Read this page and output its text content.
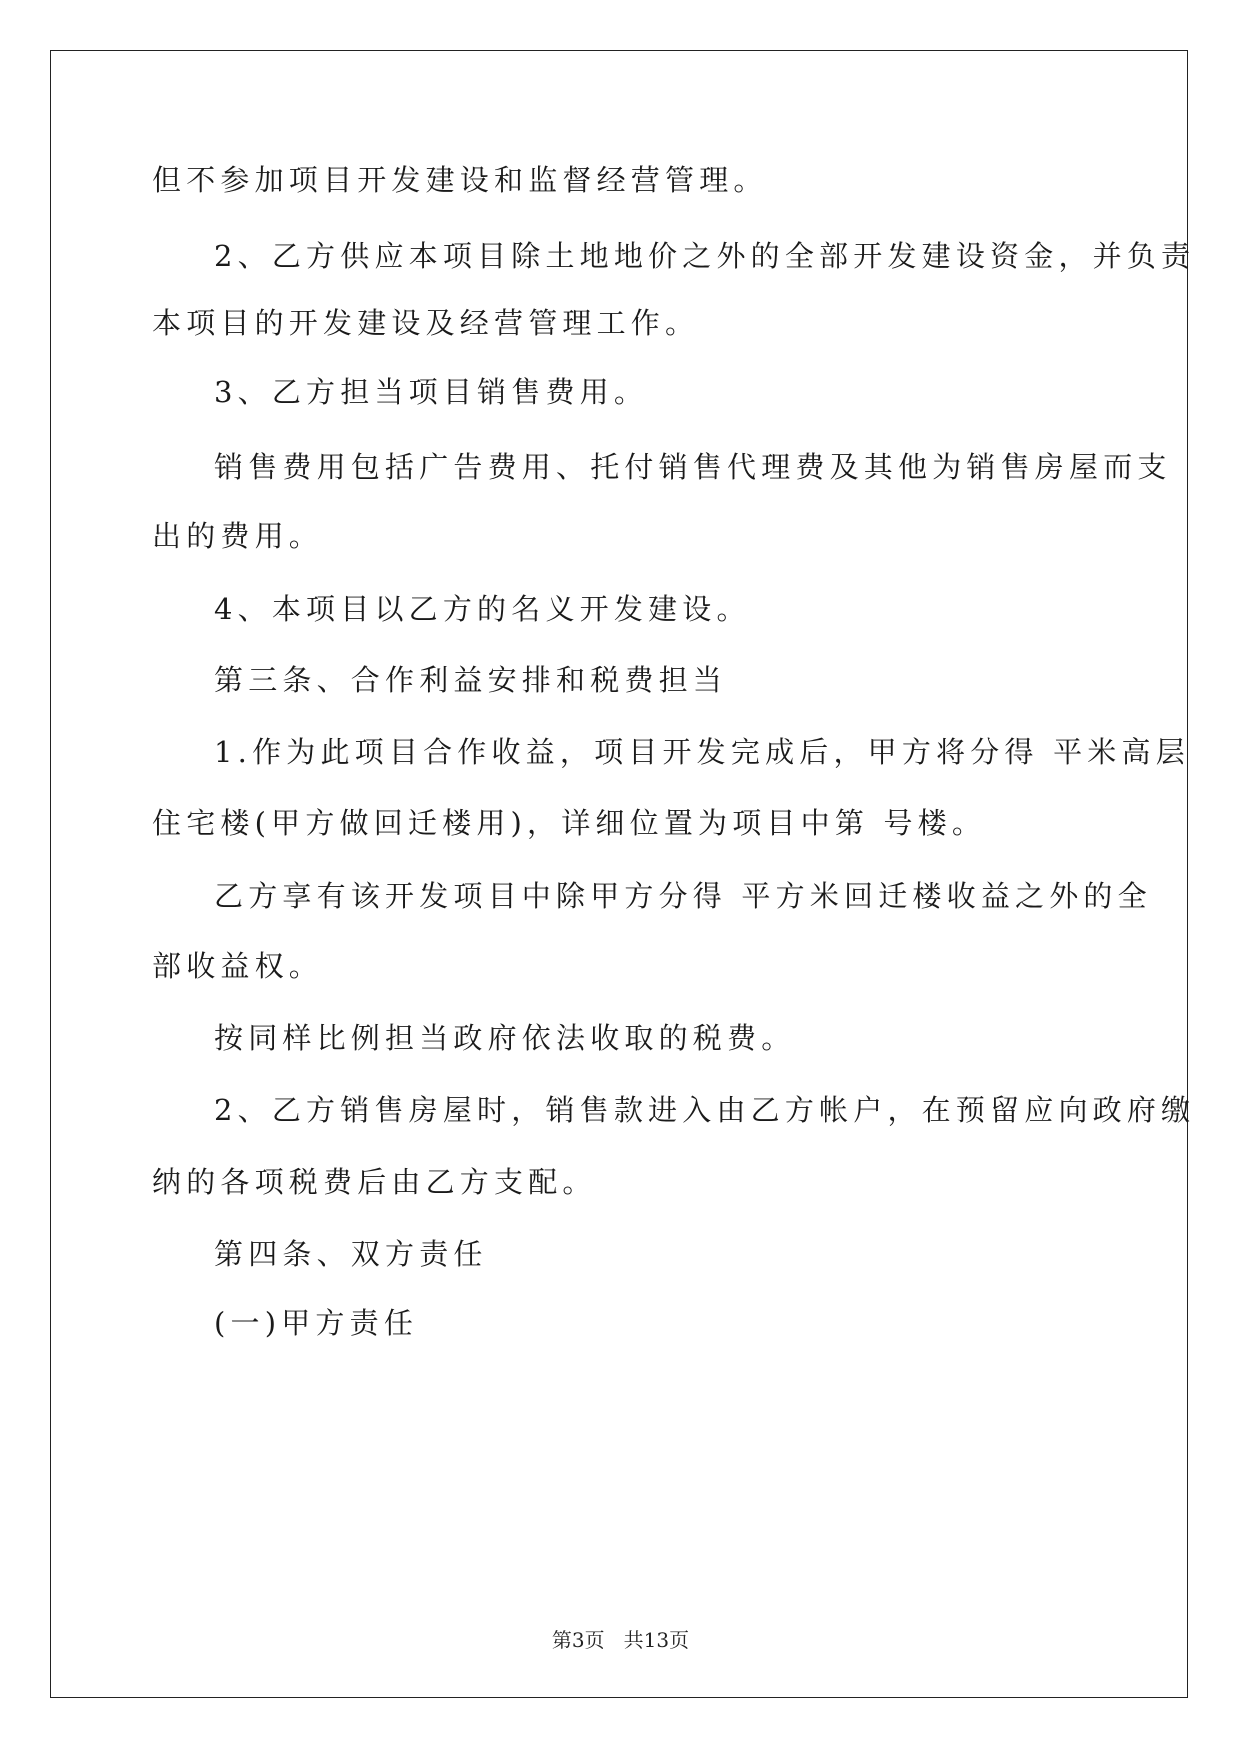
但不参加项目开发建设和监督经营管理。
2、乙方供应本项目除土地地价之外的全部开发建设资金，并负责
本项目的开发建设及经营管理工作。
3、乙方担当项目销售费用。
销售费用包括广告费用、托付销售代理费及其他为销售房屋而支
出的费用。
4、本项目以乙方的名义开发建设。
第三条、合作利益安排和税费担当
1.作为此项目合作收益，项目开发完成后，甲方将分得 平米高层
住宅楼(甲方做回迁楼用)，详细位置为项目中第 号楼。
乙方享有该开发项目中除甲方分得 平方米回迁楼收益之外的全
部收益权。
按同样比例担当政府依法收取的税费。
2、乙方销售房屋时，销售款进入由乙方帐户，在预留应向政府缴
纳的各项税费后由乙方支配。
第四条、双方责任
(一)甲方责任
第3页   共13页
